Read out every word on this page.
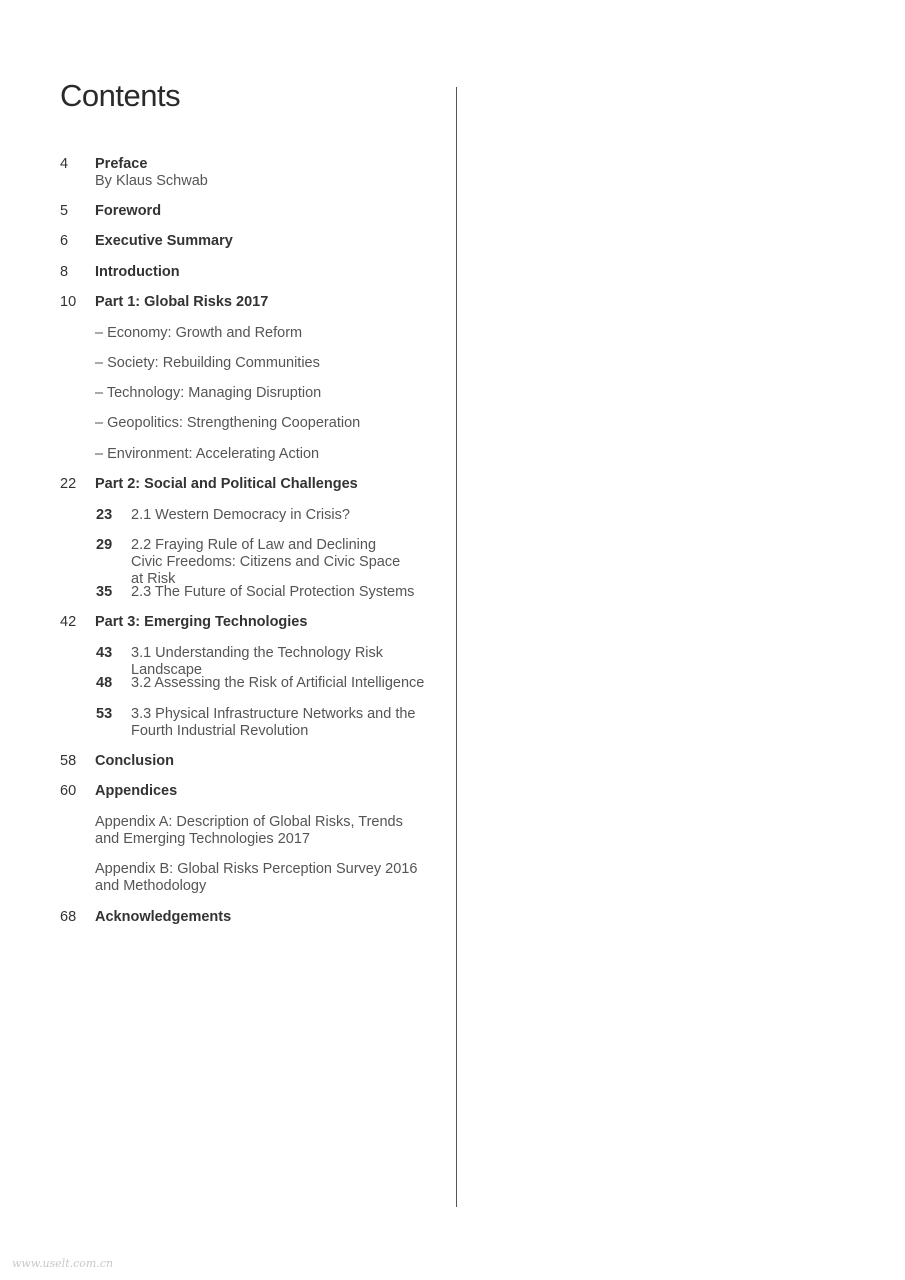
Contents
4 Preface
By Klaus Schwab
5 Foreword
6 Executive Summary
8 Introduction
10 Part 1: Global Risks 2017
– Economy: Growth and Reform
– Society: Rebuilding Communities
– Technology: Managing Disruption
– Geopolitics: Strengthening Cooperation
– Environment: Accelerating Action
22 Part 2: Social and Political Challenges
23 2.1 Western Democracy in Crisis?
29 2.2 Fraying Rule of Law and Declining Civic Freedoms: Citizens and Civic Space at Risk
35 2.3 The Future of Social Protection Systems
42 Part 3: Emerging Technologies
43 3.1 Understanding the Technology Risk Landscape
48 3.2 Assessing the Risk of Artificial Intelligence
53 3.3 Physical Infrastructure Networks and the Fourth Industrial Revolution
58 Conclusion
60 Appendices
Appendix A: Description of Global Risks, Trends and Emerging Technologies 2017
Appendix B: Global Risks Perception Survey 2016 and Methodology
68 Acknowledgements
www.uselt.com.cn
